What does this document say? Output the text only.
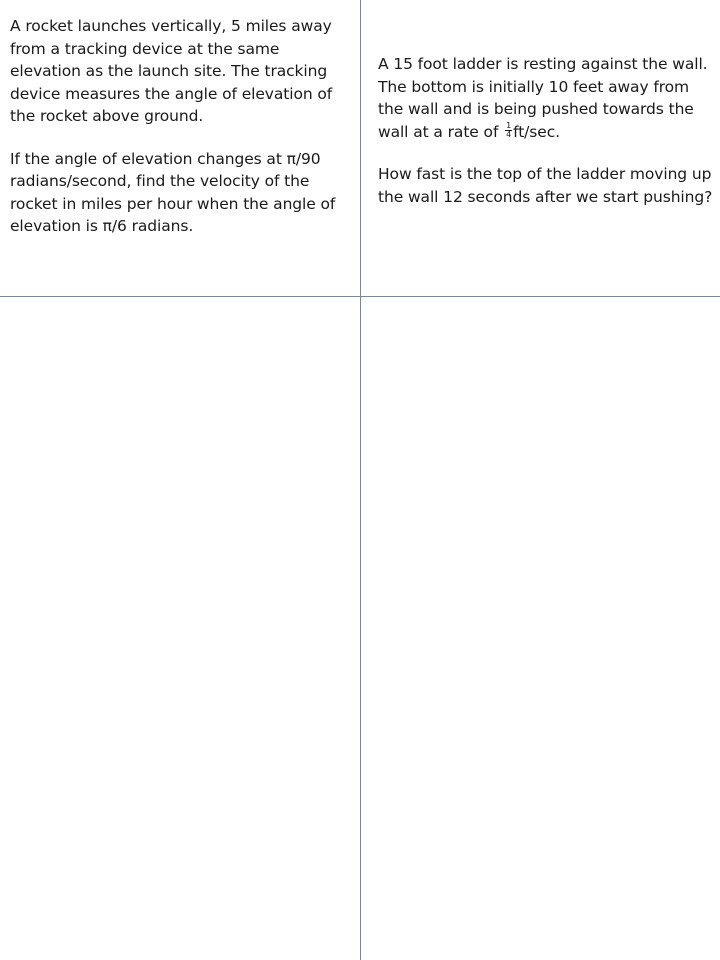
A rocket launches vertically, 5 miles away from a tracking device at the same elevation as the launch site. The tracking device measures the angle of elevation of the rocket above ground.

If the angle of elevation changes at π/90 radians/second, find the velocity of the rocket in miles per hour when the angle of elevation is π/6 radians.

A 15 foot ladder is resting against the wall. The bottom is initially 10 feet away from the wall and is being pushed towards the wall at a rate of $\frac{1}{4} ft/\sec$.

How fast is the top of the ladder moving up the wall 12 seconds after we start pushing?
